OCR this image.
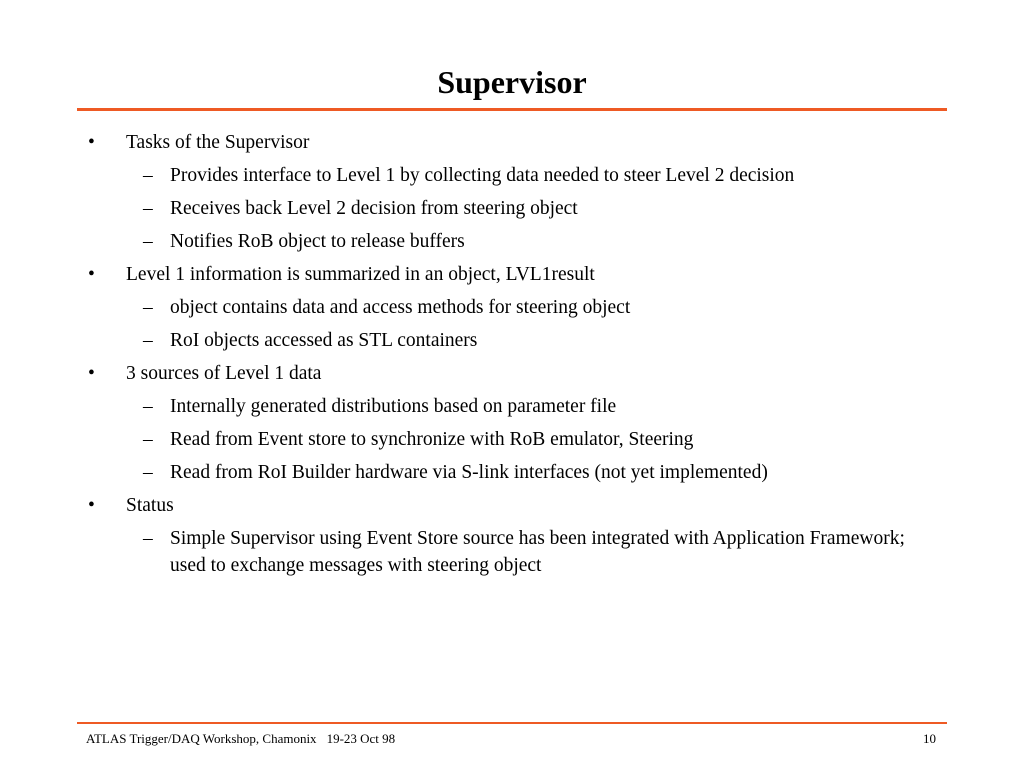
Supervisor
• Tasks of the Supervisor
– Provides interface to Level 1 by collecting data needed to steer Level 2 decision
– Receives back Level 2 decision from steering object
– Notifies RoB object to release buffers
• Level 1 information is summarized in an object, LVL1result
– object contains data and access methods for steering object
– RoI objects accessed as STL containers
• 3 sources of Level 1 data
– Internally generated distributions based on parameter file
– Read from Event store to synchronize with RoB emulator, Steering
– Read from RoI Builder hardware via S-link interfaces (not yet implemented)
• Status
– Simple Supervisor using Event Store source has been integrated with Application Framework; used to exchange messages with steering object
ATLAS Trigger/DAQ Workshop, Chamonix 19-23 Oct 98	10
